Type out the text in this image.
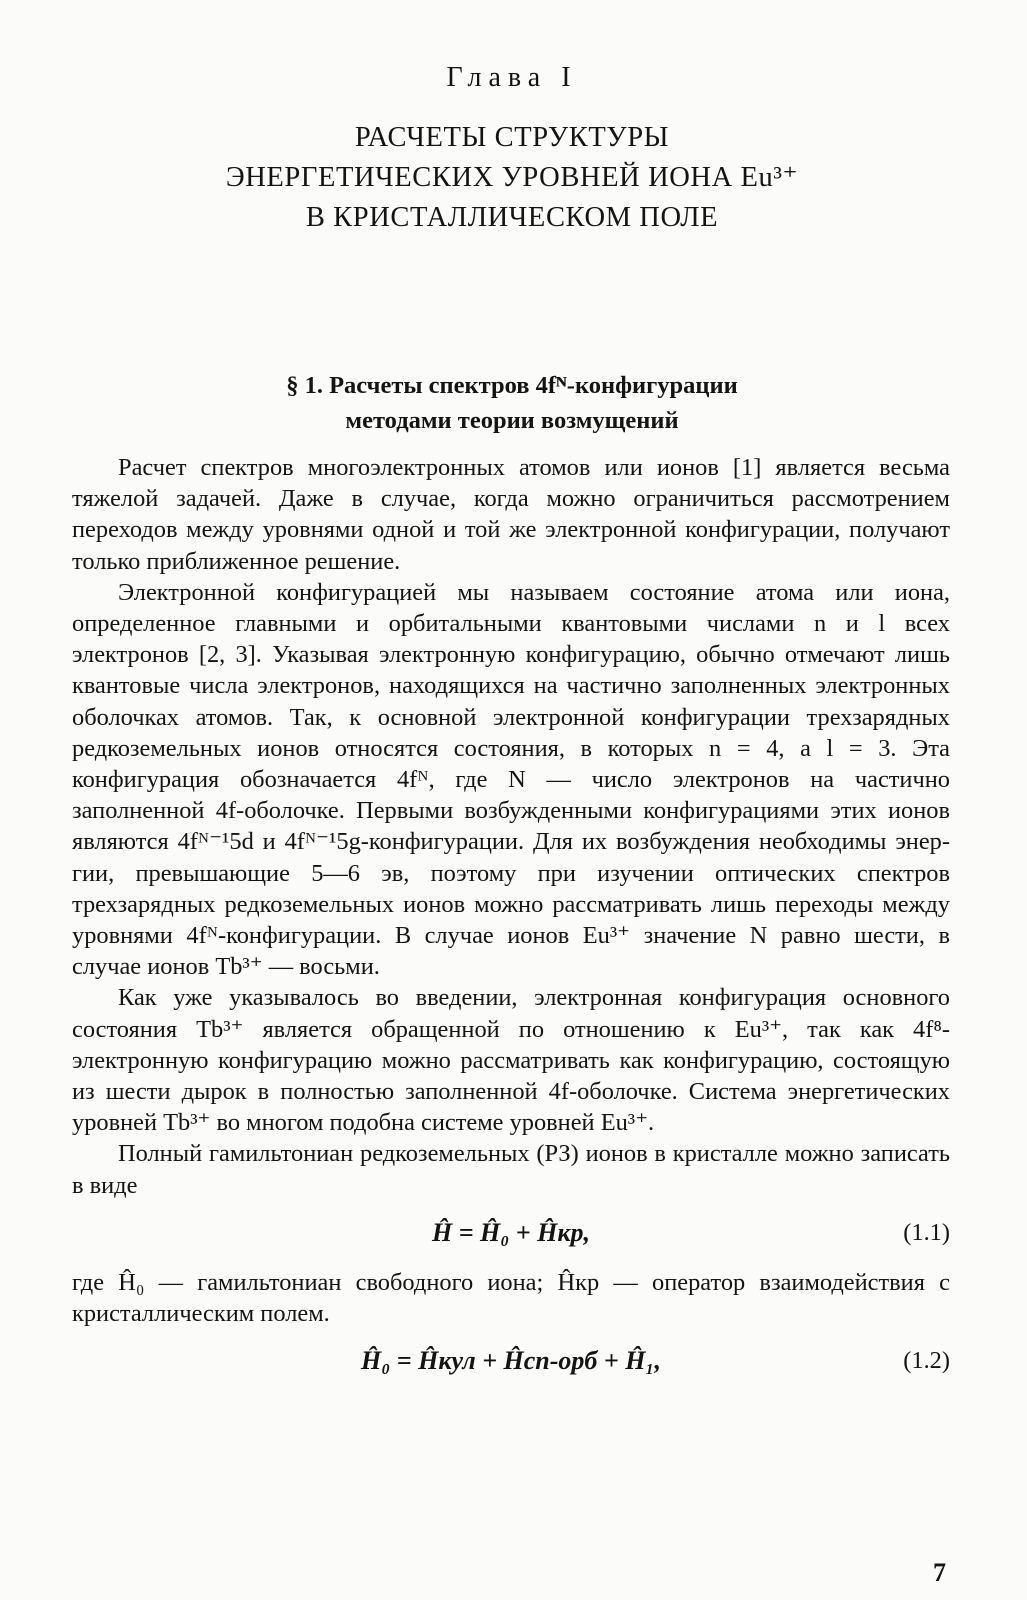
Глава I
РАСЧЕТЫ СТРУКТУРЫ
ЭНЕРГЕТИЧЕСКИХ УРОВНЕЙ ИОНА Eu³⁺
В КРИСТАЛЛИЧЕСКОМ ПОЛЕ
§ 1. Расчеты спектров 4fᴺ-конфигурации
методами теории возмущений

Расчет спектров многоэлектронных атомов или ионов [1] является весьма тяжелой задачей. Даже в случае, когда можно ограничиться рассмотрением переходов между уровнями одной и той же электронной конфигурации, получают только приближенное решение.

Электронной конфигурацией мы называем состояние атома или иона, определенное главными и орбитальными квантовыми числами n и l всех электронов [2, 3]. Указывая электронную конфигурацию, обычно отмечают лишь квантовые числа электронов, находящихся на частично заполненных электронных оболочках атомов. Так, к основной электронной конфигурации трехзарядных редкоземельных ионов относятся состояния, в которых n = 4, a l = 3. Эта конфигурация обозначается 4fᴺ, где N — число электронов на частично заполненной 4f-оболочке. Первыми возбужденными конфигурациями этих ионов являются 4fᴺ⁻¹5d и 4fᴺ⁻¹5g-конфигурации. Для их возбуждения необходимы энергии, превышающие 5—6 эв, поэтому при изучении оптических спектров трехзарядных редкоземельных ионов можно рассматривать лишь переходы между уровнями 4fᴺ-конфигурации. В случае ионов Eu³⁺ значение N равно шести, в случае ионов Tb³⁺ — восьми.

Как уже указывалось во введении, электронная конфигурация основного состояния Tb³⁺ является обращенной по отношению к Eu³⁺, так как 4f⁸-электронную конфигурацию можно рассматривать как конфигурацию, состоящую из шести дырок в полностью заполненной 4f-оболочке. Система энергетических уровней Tb³⁺ во многом подобна системе уровней Eu³⁺.

Полный гамильтониан редкоземельных (РЗ) ионов в кристалле можно записать в виде

Ĥ = Ĥ₀ + Ĥкр,	(1.1)

где Ĥ₀ — гамильтониан свободного иона; Ĥкр — оператор взаимодействия с кристаллическим полем.

Ĥ₀ = Ĥкул + Ĥсп-орб + Ĥ₁,	(1.2)
7
